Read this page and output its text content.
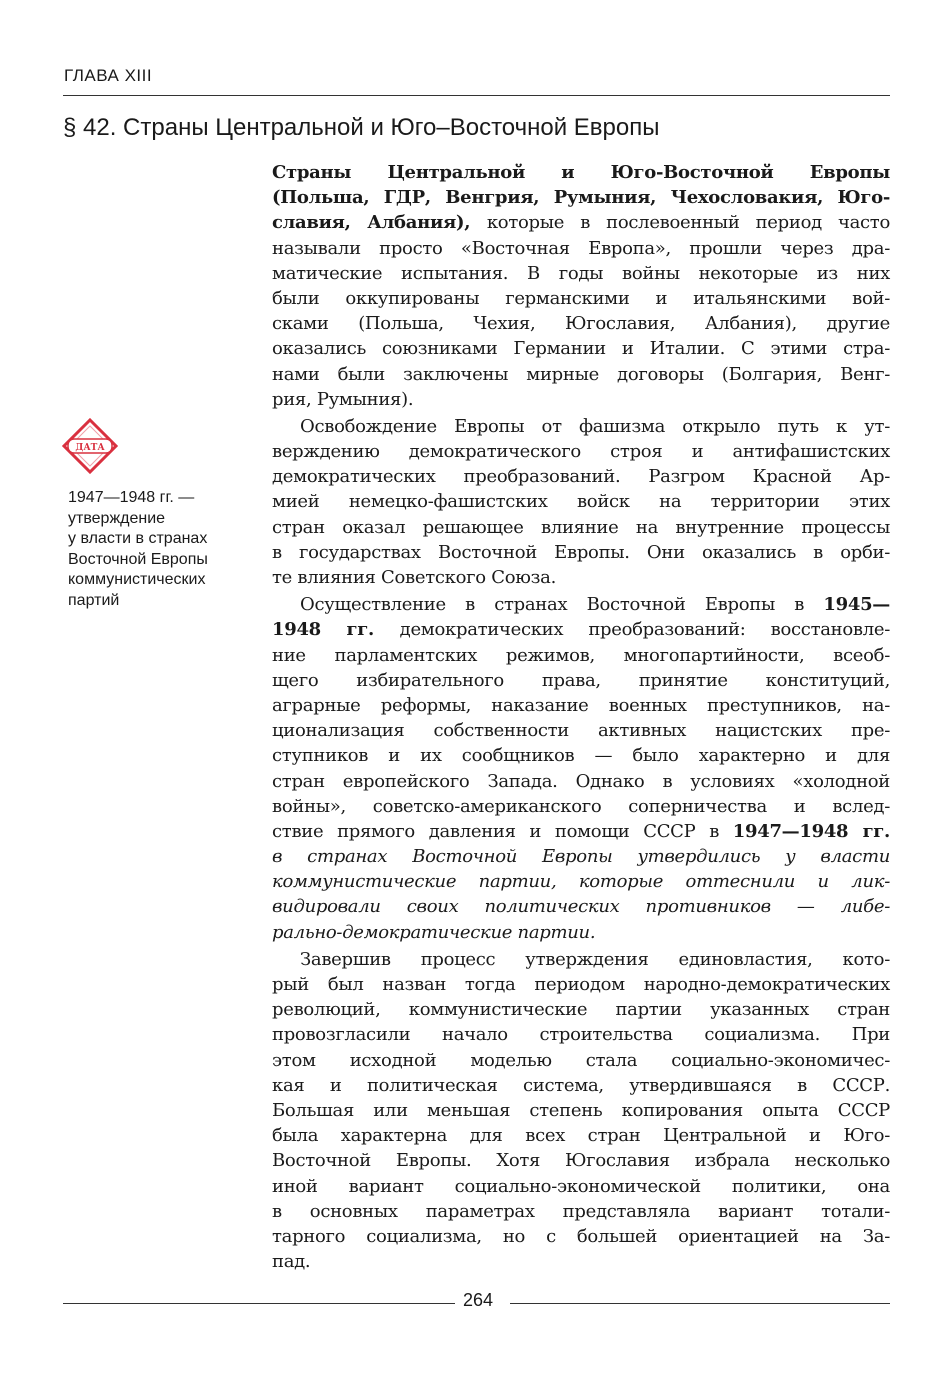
ГЛАВА XIII
§ 42. Страны Центральной и Юго–Восточной Европы
ДАТА
1947—1948 гг. —
утверждение
у власти в странах
Восточной Европы
коммунистических
партий
Страны Центральной и Юго-Восточной Европы
(Польша, ГДР, Венгрия, Румыния, Чехословакия, Юго-
славия, Албания), которые в послевоенный период часто
называли просто «Восточная Европа», прошли через дра-
матические испытания. В годы войны некоторые из них
были оккупированы германскими и итальянскими вой-
сками (Польша, Чехия, Югославия, Албания), другие
оказались союзниками Германии и Италии. С этими стра-
нами были заключены мирные договоры (Болгария, Венг-
рия, Румыния).
Освобождение Европы от фашизма открыло путь к ут-
верждению демократического строя и антифашистских
демократических преобразований. Разгром Красной Ар-
мией немецко-фашистских войск на территории этих
стран оказал решающее влияние на внутренние процессы
в государствах Восточной Европы. Они оказались в орби-
те влияния Советского Союза.
Осуществление в странах Восточной Европы в 1945—
1948 гг. демократических преобразований: восстановле-
ние парламентских режимов, многопартийности, всеоб-
щего избирательного права, принятие конституций,
аграрные реформы, наказание военных преступников, на-
ционализация собственности активных нацистских пре-
ступников и их сообщников — было характерно и для
стран европейского Запада. Однако в условиях «холодной
войны», советско-американского соперничества и вслед-
ствие прямого давления и помощи СССР в 1947—1948 гг.
в странах Восточной Европы утвердились у власти
коммунистические партии, которые оттеснили и лик-
видировали своих политических противников — либе-
рально-демократические партии.
Завершив процесс утверждения единовластия, кото-
рый был назван тогда периодом народно-демократических
революций, коммунистические партии указанных стран
провозгласили начало строительства социализма. При
этом исходной моделью стала социально-экономичес-
кая и политическая система, утвердившаяся в СССР.
Большая или меньшая степень копирования опыта СССР
была характерна для всех стран Центральной и Юго-
Восточной Европы. Хотя Югославия избрала несколько
иной вариант социально-экономической политики, она
в основных параметрах представляла вариант тотали-
тарного социализма, но с большей ориентацией на За-
пад.
264
